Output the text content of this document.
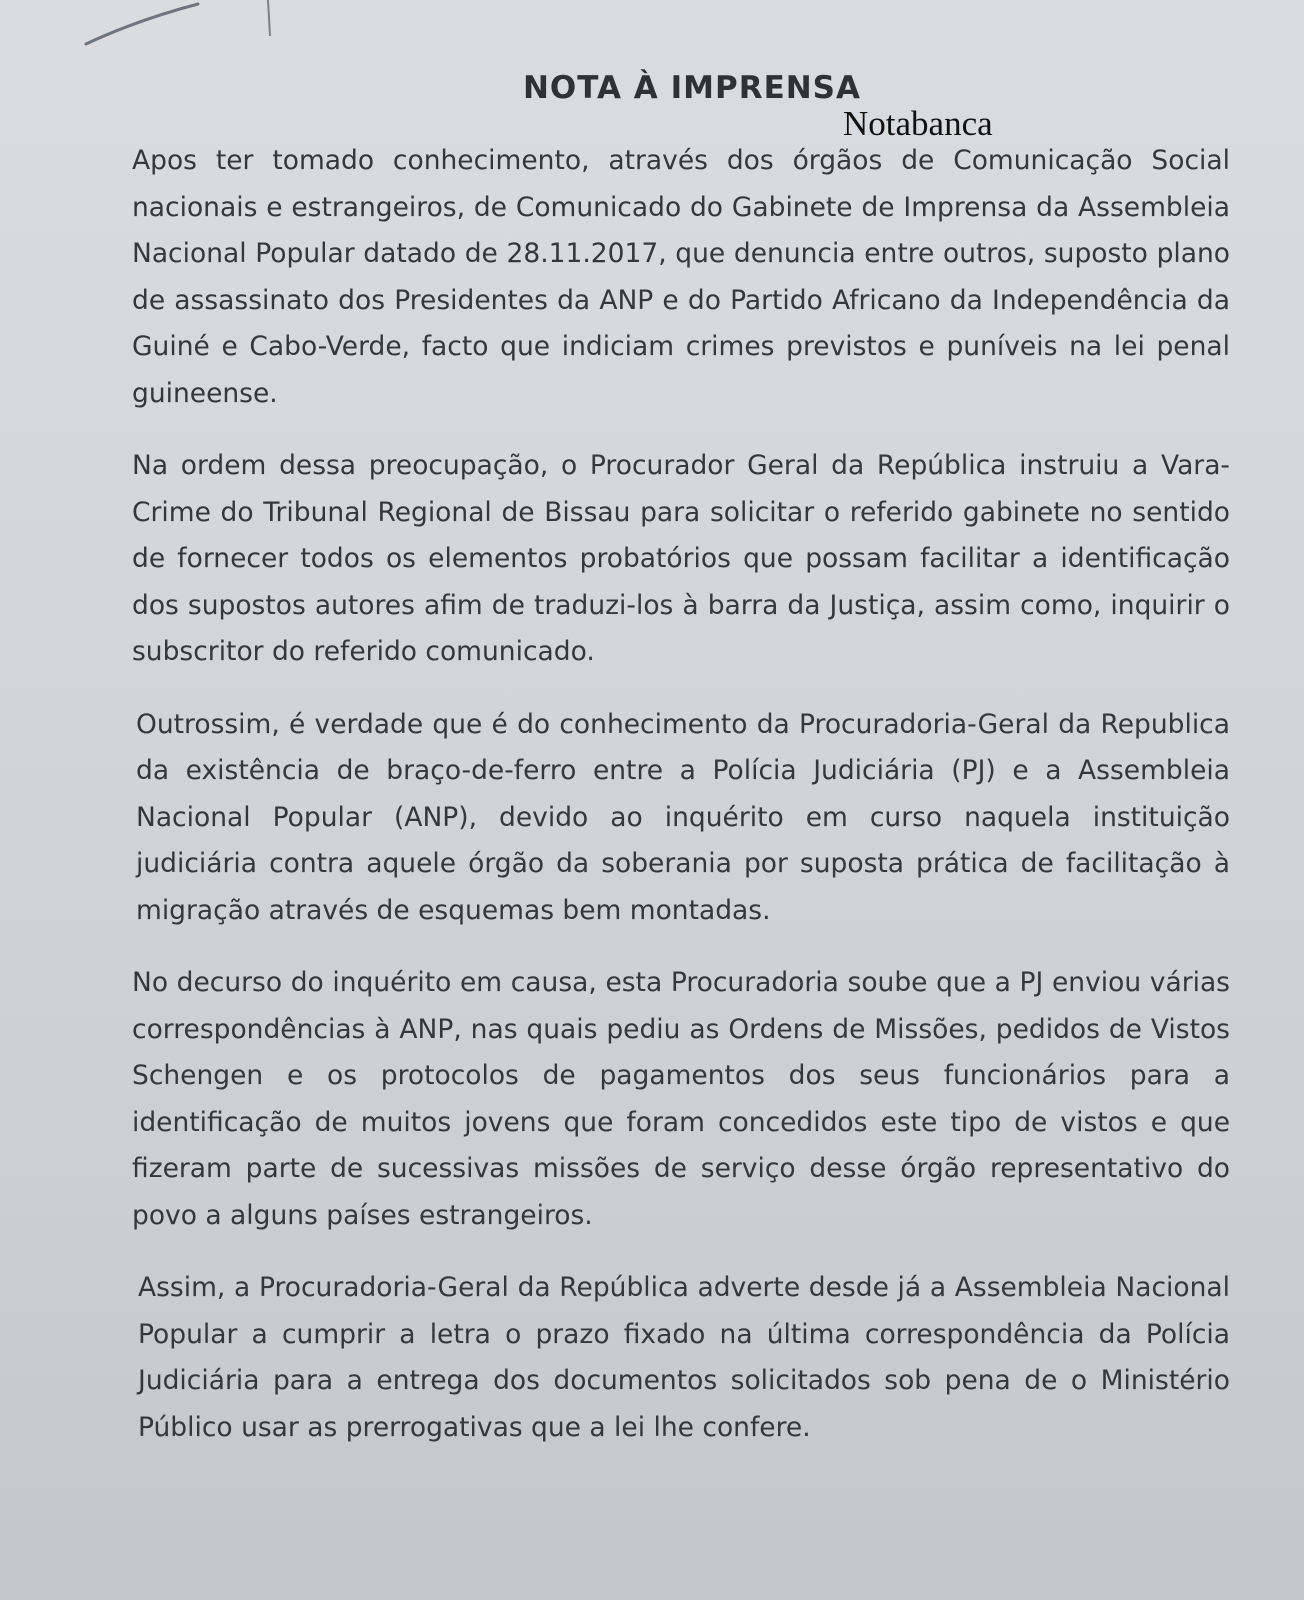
NOTA À IMPRENSA
Notabanca

Apos ter tomado conhecimento, através dos órgãos de Comunicação Social nacionais e estrangeiros, de Comunicado do Gabinete de Imprensa da Assembleia Nacional Popular datado de 28.11.2017, que denuncia entre outros, suposto plano de assassinato dos Presidentes da ANP e do Partido Africano da Independência da Guiné e Cabo-Verde, facto que indiciam crimes previstos e puníveis na lei penal guineense.

Na ordem dessa preocupação, o Procurador Geral da República instruiu a Vara-Crime do Tribunal Regional de Bissau para solicitar o referido gabinete no sentido de fornecer todos os elementos probatórios que possam facilitar a identificação dos supostos autores afim de traduzi-los à barra da Justiça, assim como, inquirir o subscritor do referido comunicado.

Outrossim, é verdade que é do conhecimento da Procuradoria-Geral da Republica da existência de braço-de-ferro entre a Polícia Judiciária (PJ) e a Assembleia Nacional Popular (ANP), devido ao inquérito em curso naquela instituição judiciária contra aquele órgão da soberania por suposta prática de facilitação à migração através de esquemas bem montadas.

No decurso do inquérito em causa, esta Procuradoria soube que a PJ enviou várias correspondências à ANP, nas quais pediu as Ordens de Missões, pedidos de Vistos Schengen e os protocolos de pagamentos dos seus funcionários para a identificação de muitos jovens que foram concedidos este tipo de vistos e que fizeram parte de sucessivas missões de serviço desse órgão representativo do povo a alguns países estrangeiros.

Assim, a Procuradoria-Geral da República adverte desde já a Assembleia Nacional Popular a cumprir a letra o prazo fixado na última correspondência da Polícia Judiciária para a entrega dos documentos solicitados sob pena de o Ministério Público usar as prerrogativas que a lei lhe confere.
